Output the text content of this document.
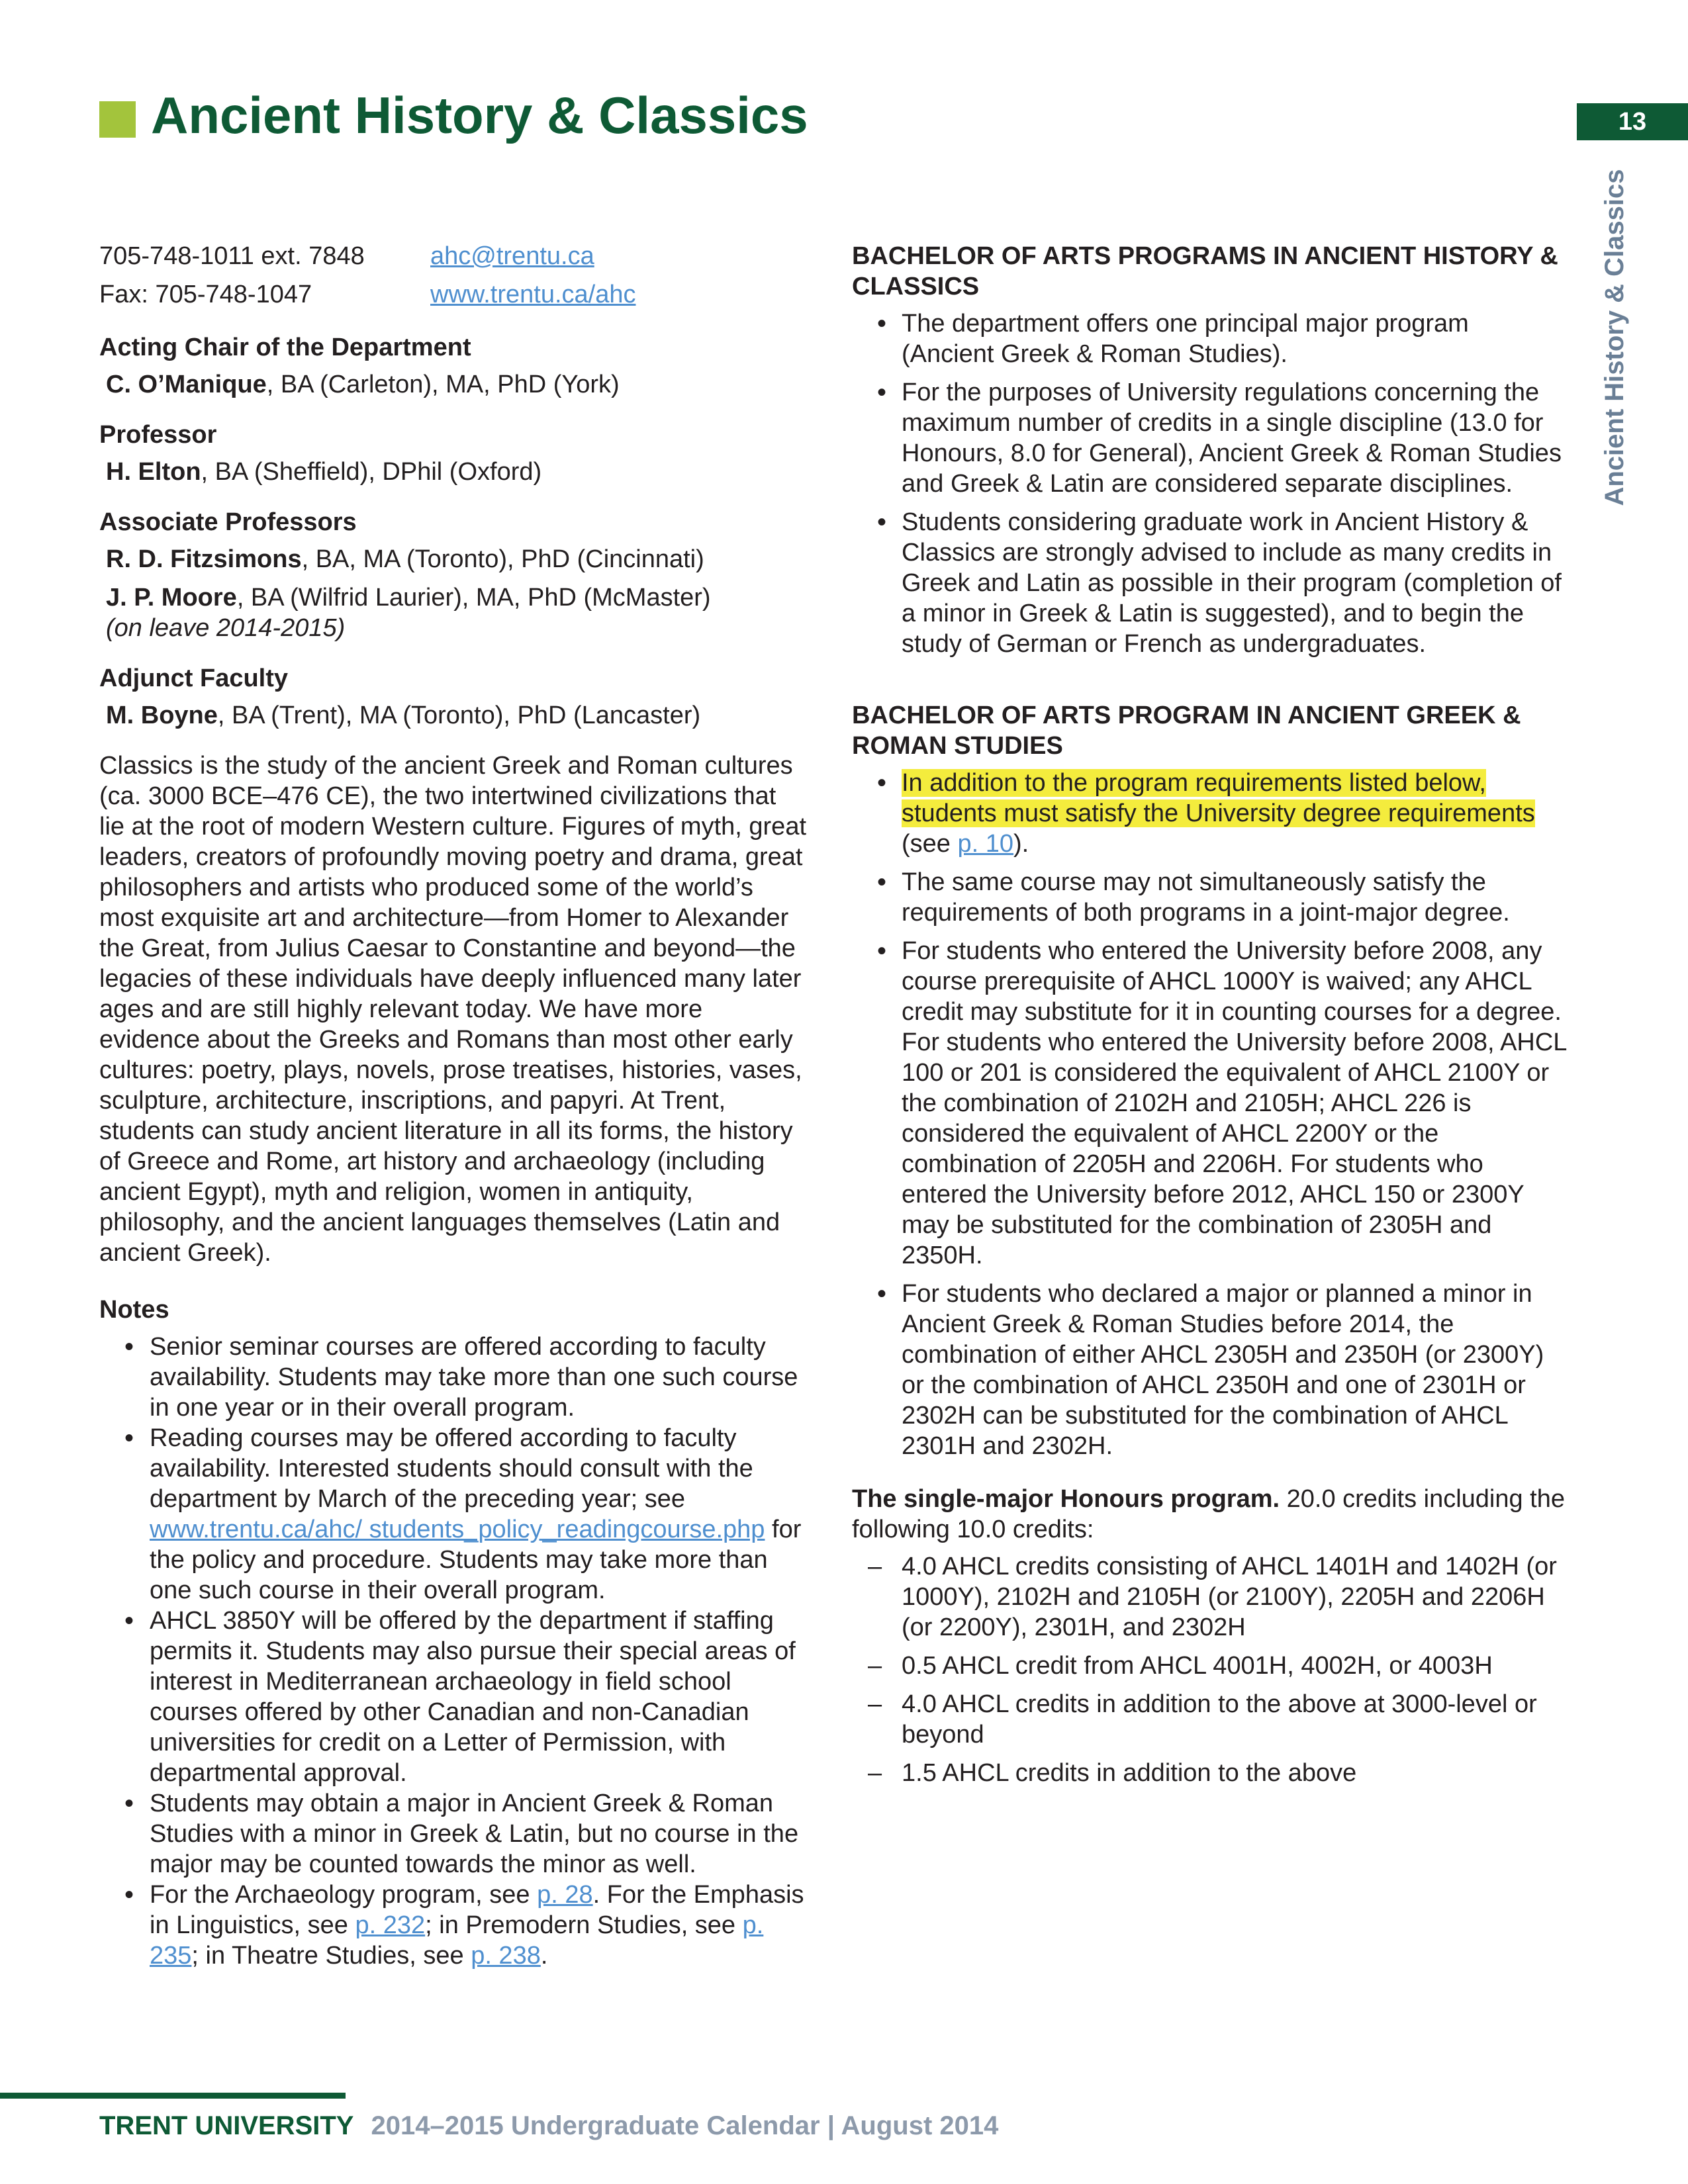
Ancient History & Classics	13
Ancient History & Classics
705-748-1011 ext. 7848	ahc@trentu.ca
Fax: 705-748-1047	www.trentu.ca/ahc
Acting Chair of the Department
C. O’Manique, BA (Carleton), MA, PhD (York)
Professor
H. Elton, BA (Sheffield), DPhil (Oxford)
Associate Professors
R. D. Fitzsimons, BA, MA (Toronto), PhD (Cincinnati)
J. P. Moore, BA (Wilfrid Laurier), MA, PhD (McMaster)
(on leave 2014-2015)
Adjunct Faculty
M. Boyne, BA (Trent), MA (Toronto), PhD (Lancaster)

Classics is the study of the ancient Greek and Roman cultures (ca. 3000 BCE–476 CE), the two intertwined civilizations that lie at the root of modern Western culture. Figures of myth, great leaders, creators of profoundly moving poetry and drama, great philosophers and artists who produced some of the world’s most exquisite art and architecture—from Homer to Alexander the Great, from Julius Caesar to Constantine and beyond—the legacies of these individuals have deeply influenced many later ages and are still highly relevant today. We have more evidence about the Greeks and Romans than most other early cultures: poetry, plays, novels, prose treatises, histories, vases, sculpture, architecture, inscriptions, and papyri. At Trent, students can study ancient literature in all its forms, the history of Greece and Rome, art history and archaeology (including ancient Egypt), myth and religion, women in antiquity, philosophy, and the ancient languages themselves (Latin and ancient Greek).

Notes
• Senior seminar courses are offered according to faculty availability. Students may take more than one such course in one year or in their overall program.
• Reading courses may be offered according to faculty availability. Interested students should consult with the department by March of the preceding year; see www.trentu.ca/ahc/ students_policy_readingcourse.php for the policy and procedure. Students may take more than one such course in their overall program.
• AHCL 3850Y will be offered by the department if staffing permits it. Students may also pursue their special areas of interest in Mediterranean archaeology in field school courses offered by other Canadian and non-Canadian universities for credit on a Letter of Permission, with departmental approval.
• Students may obtain a major in Ancient Greek & Roman Studies with a minor in Greek & Latin, but no course in the major may be counted towards the minor as well.
• For the Archaeology program, see p. 28. For the Emphasis in Linguistics, see p. 232; in Premodern Studies, see p. 235; in Theatre Studies, see p. 238.
BACHELOR OF ARTS PROGRAMS IN ANCIENT HISTORY & CLASSICS
• The department offers one principal major program (Ancient Greek & Roman Studies).
• For the purposes of University regulations concerning the maximum number of credits in a single discipline (13.0 for Honours, 8.0 for General), Ancient Greek & Roman Studies and Greek & Latin are considered separate disciplines.
• Students considering graduate work in Ancient History & Classics are strongly advised to include as many credits in Greek and Latin as possible in their program (completion of a minor in Greek & Latin is suggested), and to begin the study of German or French as undergraduates.
BACHELOR OF ARTS PROGRAM IN ANCIENT GREEK & ROMAN STUDIES
• In addition to the program requirements listed below, students must satisfy the University degree requirements (see p. 10).
• The same course may not simultaneously satisfy the requirements of both programs in a joint-major degree.
• For students who entered the University before 2008, any course prerequisite of AHCL 1000Y is waived; any AHCL credit may substitute for it in counting courses for a degree. For students who entered the University before 2008, AHCL 100 or 201 is considered the equivalent of AHCL 2100Y or the combination of 2102H and 2105H; AHCL 226 is considered the equivalent of AHCL 2200Y or the combination of 2205H and 2206H. For students who entered the University before 2012, AHCL 150 or 2300Y may be substituted for the combination of 2305H and 2350H.
• For students who declared a major or planned a minor in Ancient Greek & Roman Studies before 2014, the combination of either AHCL 2305H and 2350H (or 2300Y) or the combination of AHCL 2350H and one of 2301H or 2302H can be substituted for the combination of AHCL 2301H and 2302H.
The single-major Honours program. 20.0 credits including the following 10.0 credits:
– 4.0 AHCL credits consisting of AHCL 1401H and 1402H (or 1000Y), 2102H and 2105H (or 2100Y), 2205H and 2206H (or 2200Y), 2301H, and 2302H
– 0.5 AHCL credit from AHCL 4001H, 4002H, or 4003H
– 4.0 AHCL credits in addition to the above at 3000-level or beyond
– 1.5 AHCL credits in addition to the above
TRENT UNIVERSITY 2014–2015 Undergraduate Calendar | August 2014
